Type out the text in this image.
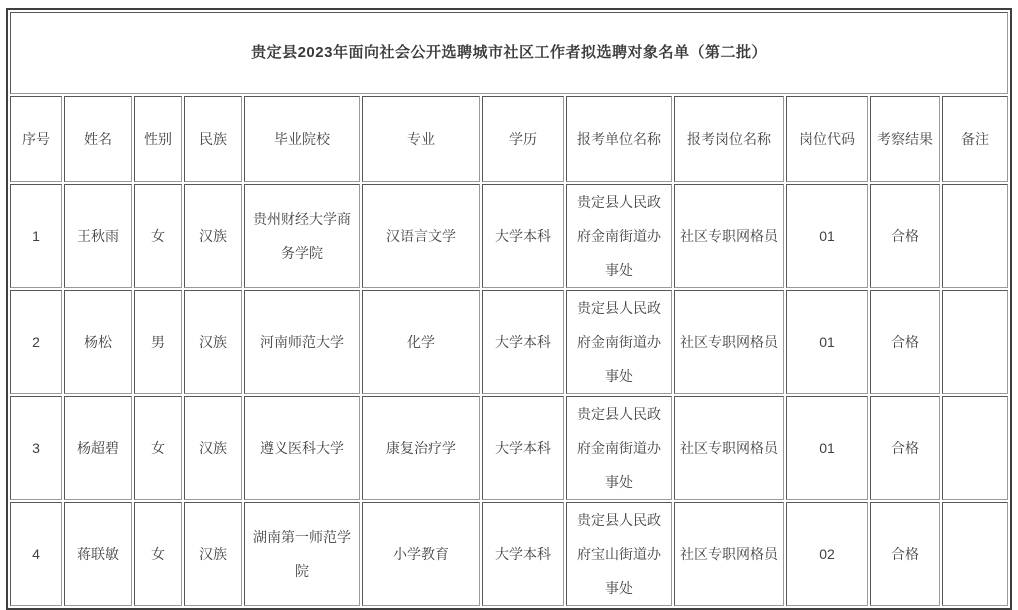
贵定县2023年面向社会公开选聘城市社区工作者拟选聘对象名单（第二批）											
序号	姓名	性别	民族	毕业院校	专业	学历	报考单位名称	报考岗位名称	岗位代码	考察结果	备注
1	王秋雨	女	汉族	贵州财经大学商务学院	汉语言文学	大学本科	贵定县人民政府金南街道办事处	社区专职网格员	01	合格	
2	杨松	男	汉族	河南师范大学	化学	大学本科	贵定县人民政府金南街道办事处	社区专职网格员	01	合格	
3	杨超碧	女	汉族	遵义医科大学	康复治疗学	大学本科	贵定县人民政府金南街道办事处	社区专职网格员	01	合格	
4	蒋联敏	女	汉族	湖南第一师范学院	小学教育	大学本科	贵定县人民政府宝山街道办事处	社区专职网格员	02	合格	
